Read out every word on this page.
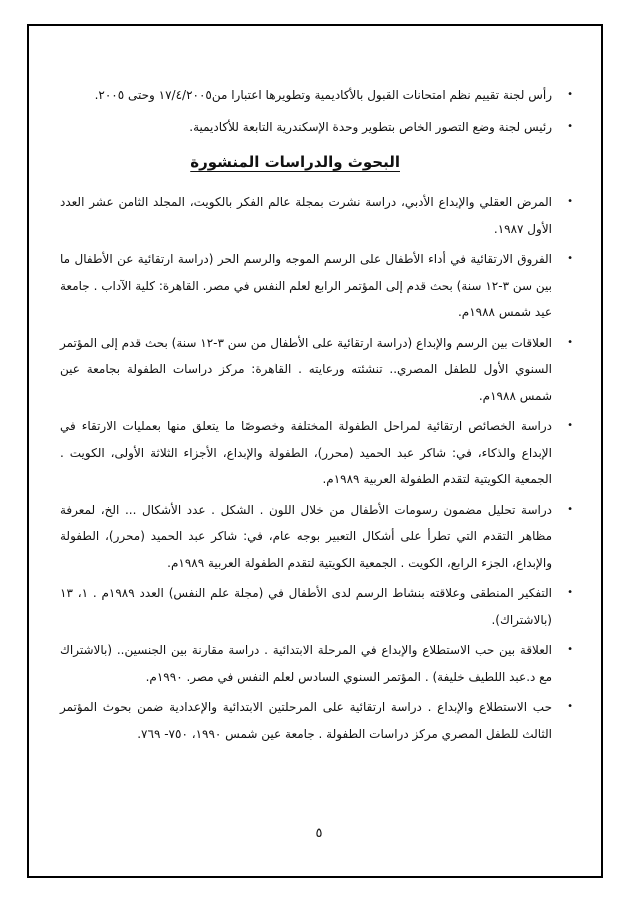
•
رأس لجنة تقييم نظم امتحانات القبول بالأكاديمية وتطويرها اعتبارا من١٧/٤/٢٠٠٥ وحتى ٢٠٠٥.
•
رئيس لجنة وضع التصور الخاص بتطوير وحدة الإسكندرية التابعة للأكاديمية.
البحوث والدراسات المنشورة
•
المرض العقلي والإبداع الأدبي، دراسة نشرت بمجلة عالم الفكر بالكويت، المجلد الثامن عشر العدد الأول ١٩٨٧.
•
الفروق الارتقائية في أداء الأطفال على الرسم الموجه والرسم الحر (دراسة ارتقائية عن الأطفال ما بين سن ٣-١٢ سنة) بحث قدم إلى المؤتمر الرابع لعلم النفس في مصر. القاهرة: كلية الآداب . جامعة عيد شمس ١٩٨٨م.
•
العلاقات بين الرسم والإبداع (دراسة ارتقائية على الأطفال من سن ٣-١٢ سنة) بحث قدم إلى المؤتمر السنوي الأول للطفل المصري.. تنشئته ورعايته . القاهرة: مركز دراسات الطفولة بجامعة عين شمس ١٩٨٨م.
•
دراسة الخصائص ارتقائية لمراحل الطفولة المختلفة وخصوصًا ما يتعلق منها بعمليات الارتقاء في الإبداع والذكاء، في: شاكر عبد الحميد (محرر)، الطفولة والإبداع، الأجزاء الثلاثة الأولى، الكويت . الجمعية الكويتية لتقدم الطفولة العربية ١٩٨٩م.
•
دراسة تحليل مضمون رسومات الأطفال من خلال اللون . الشكل . عدد الأشكال ... الخ، لمعرفة مظاهر التقدم التي تطرأ على أشكال التعبير بوجه عام، في: شاكر عبد الحميد (محرر)، الطفولة والإبداع، الجزء الرابع، الكويت . الجمعية الكويتية لتقدم الطفولة العربية ١٩٨٩م.
•
التفكير المنطقى وعلاقته بنشاط الرسم لدى الأطفال في (مجلة علم النفس) العدد ١٩٨٩م . ١، ١٣ (بالاشتراك).
•
العلاقة بين حب الاستطلاع والإبداع في المرحلة الابتدائية . دراسة مقارنة بين الجنسين.. (بالاشتراك مع د.عبد اللطيف خليفة) . المؤتمر السنوي السادس لعلم النفس في مصر. ١٩٩٠م.
•
حب الاستطلاع والإبداع . دراسة ارتقائية على المرحلتين الابتدائية والإعدادية ضمن بحوث المؤتمر الثالث للطفل المصري مركز دراسات الطفولة . جامعة عين شمس ١٩٩٠، ٧٥٠- ٧٦٩.
٥
